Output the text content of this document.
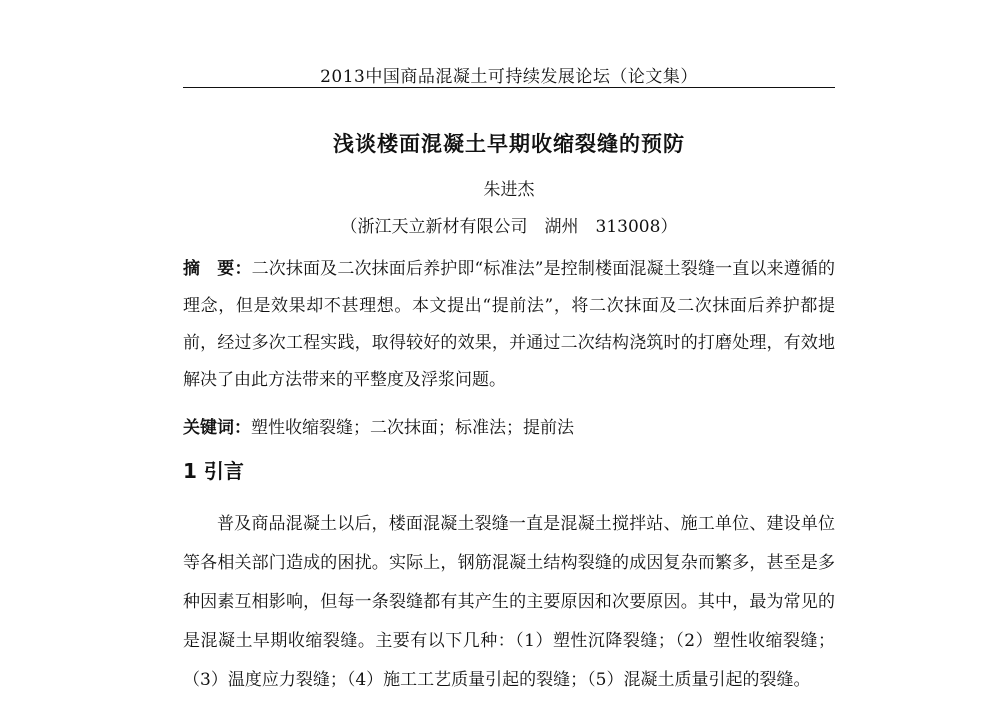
2013中国商品混凝土可持续发展论坛（论文集）
浅谈楼面混凝土早期收缩裂缝的预防
朱进杰
（浙江天立新材有限公司　湖州　313008）

摘　要：二次抹面及二次抹面后养护即“标准法”是控制楼面混凝土裂缝一直以来遵循的理念，但是效果却不甚理想。本文提出“提前法”，将二次抹面及二次抹面后养护都提前，经过多次工程实践，取得较好的效果，并通过二次结构浇筑时的打磨处理，有效地解决了由此方法带来的平整度及浮浆问题。

关键词：塑性收缩裂缝；二次抹面；标准法；提前法
1 引言

普及商品混凝土以后，楼面混凝土裂缝一直是混凝土搅拌站、施工单位、建设单位等各相关部门造成的困扰。实际上，钢筋混凝土结构裂缝的成因复杂而繁多，甚至是多种因素互相影响，但每一条裂缝都有其产生的主要原因和次要原因。其中，最为常见的是混凝土早期收缩裂缝。主要有以下几种：（1）塑性沉降裂缝；（2）塑性收缩裂缝；（3）温度应力裂缝；（4）施工工艺质量引起的裂缝；（5）混凝土质量引起的裂缝。
